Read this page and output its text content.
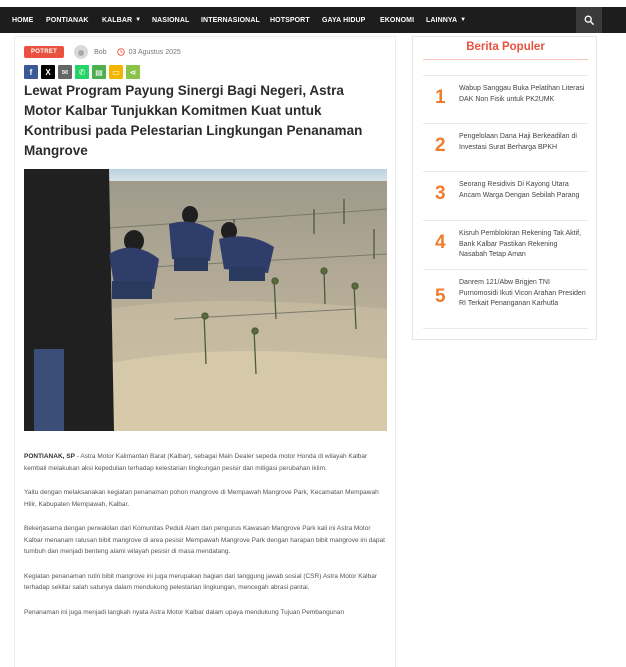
HOME PONTIANAK KALBAR ▼ NASIONAL INTERNASIONAL HOTSPORT GAYA HIDUP EKONOMI LAINNYA ▼
POTRET	Bob	03 Agustus 2025
f	X	✉	✆	▤	▭	⋖
Lewat Program Payung Sinergi Bagi Negeri, Astra Motor Kalbar Tunjukkan Komitmen Kuat untuk Kontribusi pada Pelestarian Lingkungan Penanaman Mangrove

PONTIANAK, SP - Astra Motor Kalimantan Barat (Kalbar), sebagai Main Dealer sepeda motor Honda di wilayah Kalbar kembali melakukan aksi kepedulian terhadap kelestarian lingkungan pesisir dan mitigasi perubahan iklim.

Yaitu dengan melaksanakan kegiatan penanaman pohon mangrove di Mempawah Mangrove Park, Kecamatan Mempawah Hilir, Kabupaten Mempawah, Kalbar.

Bekerjasama dengan perwakilan dari Komunitas Peduli Alam dan pengurus Kawasan Mangrove Park kali ini Astra Motor Kalbar menanam ratusan bibit mangrove di area pesisir Mempawah Mangrove Park dengan harapan bibit mangrove ini dapat tumbuh dan menjadi benteng alami wilayah pesisir di masa mendatang.

Kegiatan penanaman rutin bibit mangrove ini juga merupakan bagian dari tanggung jawab sosial (CSR) Astra Motor Kalbar terhadap sekitar salah satunya dalam mendukung pelestarian lingkungan, mencegah abrasi pantai.

Penanaman ini juga menjadi langkah nyata Astra Motor Kalbar dalam upaya mendukung Tujuan Pembangunan

Berita Populer
1 Wabup Sanggau Buka Pelatihan Literasi DAK Non Fisik untuk PK2UMK
2 Pengelolaan Dana Haji Berkeadilan di Investasi Surat Berharga BPKH
3 Seorang Residivis Di Kayong Utara Ancam Warga Dengan Sebilah Parang
4 Kisruh Pemblokiran Rekening Tak Aktif, Bank Kalbar Pastikan Rekening Nasabah Tetap Aman
5
Danrem 121/Abw Brigjen TNI Purnomosidi Ikuti Vicon Arahan Presiden RI Terkait Penanganan Karhutla
